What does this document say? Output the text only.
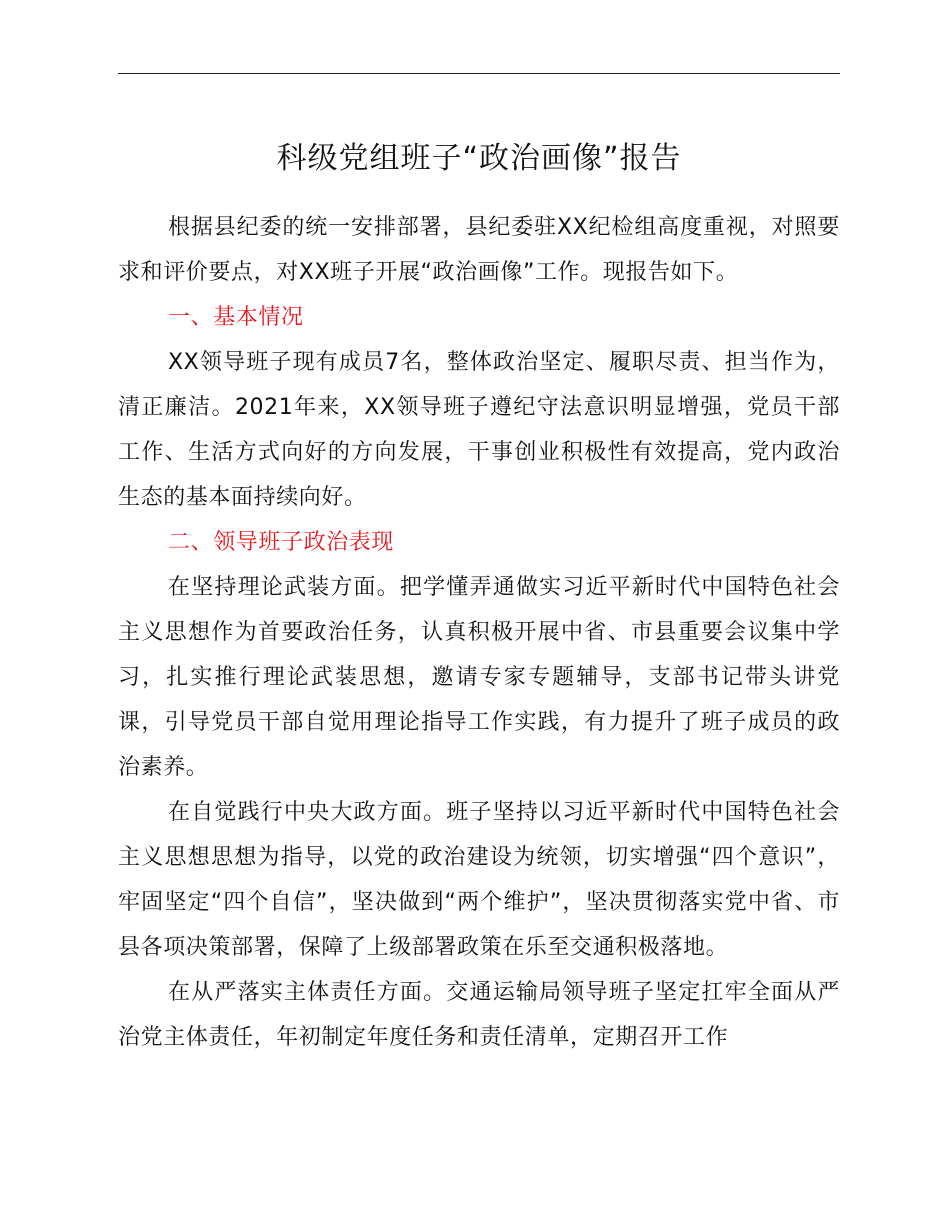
科级党组班子“政治画像”报告

根据县纪委的统一安排部署，县纪委驻XX纪检组高度重视，对照要求和评价要点，对XX班子开展“政治画像”工作。现报告如下。

一、基本情况

XX领导班子现有成员7名，整体政治坚定、履职尽责、担当作为，清正廉洁。2021年来，XX领导班子遵纪守法意识明显增强，党员干部工作、生活方式向好的方向发展，干事创业积极性有效提高，党内政治生态的基本面持续向好。

二、领导班子政治表现

在坚持理论武装方面。把学懂弄通做实习近平新时代中国特色社会主义思想作为首要政治任务，认真积极开展中省、市县重要会议集中学习，扎实推行理论武装思想，邀请专家专题辅导，支部书记带头讲党课，引导党员干部自觉用理论指导工作实践，有力提升了班子成员的政治素养。

在自觉践行中央大政方面。班子坚持以习近平新时代中国特色社会主义思想思想为指导，以党的政治建设为统领，切实增强“四个意识”，牢固坚定“四个自信”，坚决做到“两个维护”，坚决贯彻落实党中省、市县各项决策部署，保障了上级部署政策在乐至交通积极落地。

在从严落实主体责任方面。交通运输局领导班子坚定扛牢全面从严治党主体责任，年初制定年度任务和责任清单，定期召开工作
